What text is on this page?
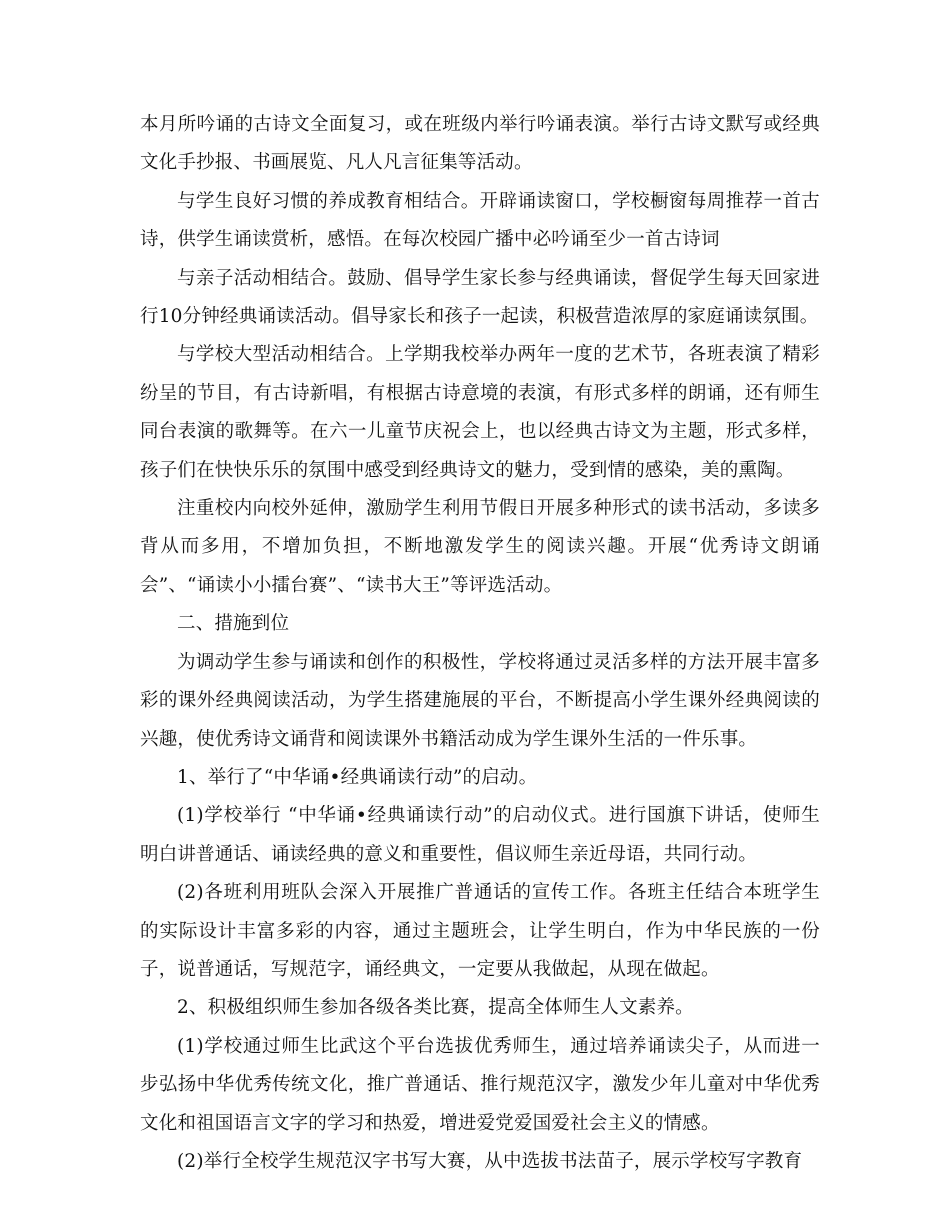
本月所吟诵的古诗文全面复习，或在班级内举行吟诵表演。举行古诗文默写或经典文化手抄报、书画展览、凡人凡言征集等活动。

与学生良好习惯的养成教育相结合。开辟诵读窗口，学校橱窗每周推荐一首古诗，供学生诵读赏析，感悟。在每次校园广播中必吟诵至少一首古诗词

与亲子活动相结合。鼓励、倡导学生家长参与经典诵读，督促学生每天回家进行10分钟经典诵读活动。倡导家长和孩子一起读，积极营造浓厚的家庭诵读氛围。

与学校大型活动相结合。上学期我校举办两年一度的艺术节，各班表演了精彩纷呈的节目，有古诗新唱，有根据古诗意境的表演，有形式多样的朗诵，还有师生同台表演的歌舞等。在六一儿童节庆祝会上，也以经典古诗文为主题，形式多样，孩子们在快快乐乐的氛围中感受到经典诗文的魅力，受到情的感染，美的熏陶。

注重校内向校外延伸，激励学生利用节假日开展多种形式的读书活动，多读多背从而多用，不增加负担，不断地激发学生的阅读兴趣。开展“优秀诗文朗诵会”、“诵读小小擂台赛”、“读书大王”等评选活动。

二、措施到位

为调动学生参与诵读和创作的积极性，学校将通过灵活多样的方法开展丰富多彩的课外经典阅读活动，为学生搭建施展的平台，不断提高小学生课外经典阅读的兴趣，使优秀诗文诵背和阅读课外书籍活动成为学生课外生活的一件乐事。

1、举行了“中华诵•经典诵读行动”的启动。

(1)学校举行 “中华诵•经典诵读行动”的启动仪式。进行国旗下讲话，使师生明白讲普通话、诵读经典的意义和重要性，倡议师生亲近母语，共同行动。

(2)各班利用班队会深入开展推广普通话的宣传工作。各班主任结合本班学生的实际设计丰富多彩的内容，通过主题班会，让学生明白，作为中华民族的一份子，说普通话，写规范字，诵经典文，一定要从我做起，从现在做起。

2、积极组织师生参加各级各类比赛，提高全体师生人文素养。

(1)学校通过师生比武这个平台选拔优秀师生，通过培养诵读尖子，从而进一步弘扬中华优秀传统文化，推广普通话、推行规范汉字，激发少年儿童对中华优秀文化和祖国语言文字的学习和热爱，增进爱党爱国爱社会主义的情感。

(2)举行全校学生规范汉字书写大赛，从中选拔书法苗子，展示学校写字教育
